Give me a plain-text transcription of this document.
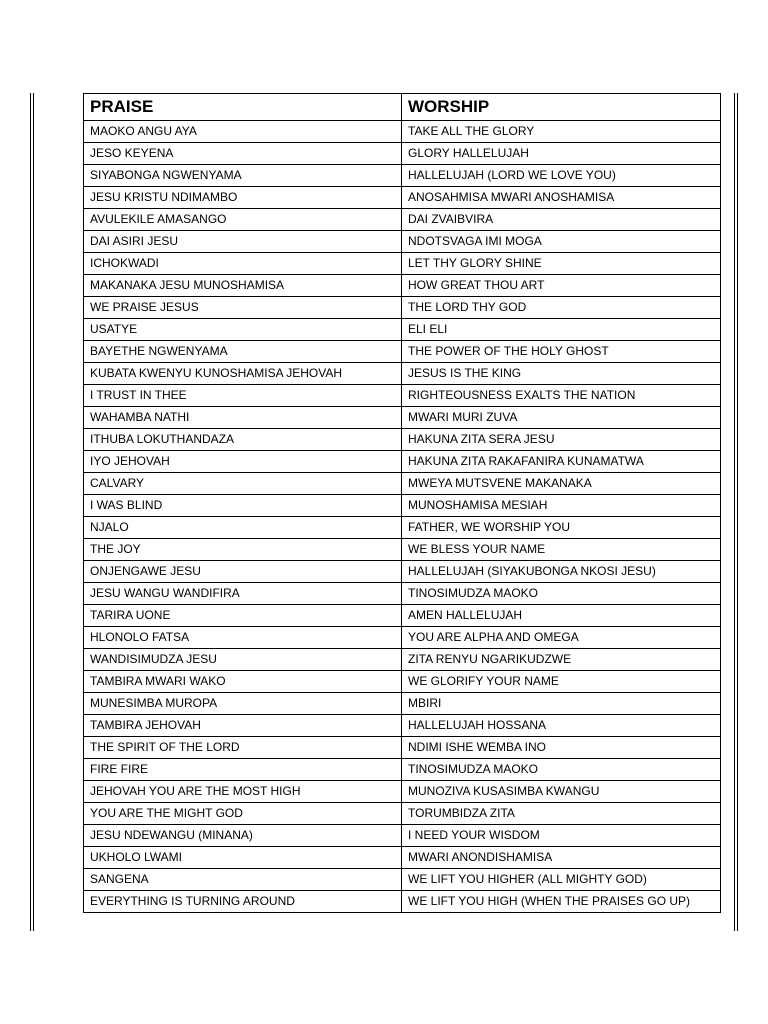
PRAISE	WORSHIP
MAOKO ANGU AYA	TAKE ALL THE GLORY
JESO KEYENA	GLORY HALLELUJAH
SIYABONGA NGWENYAMA	HALLELUJAH (LORD WE LOVE YOU)
JESU KRISTU NDIMAMBO	ANOSAHMISA MWARI ANOSHAMISA
AVULEKILE AMASANGO	DAI ZVAIBVIRA
DAI ASIRI JESU	NDOTSVAGA IMI MOGA
ICHOKWADI	LET THY GLORY SHINE
MAKANAKA JESU MUNOSHAMISA	HOW GREAT THOU ART
WE PRAISE JESUS	THE LORD THY GOD
USATYE	ELI ELI
BAYETHE NGWENYAMA	THE POWER OF THE HOLY GHOST
KUBATA KWENYU KUNOSHAMISA JEHOVAH	JESUS IS THE KING
I TRUST IN THEE	RIGHTEOUSNESS EXALTS THE NATION
WAHAMBA NATHI	MWARI MURI ZUVA
ITHUBA LOKUTHANDAZA	HAKUNA ZITA SERA JESU
IYO JEHOVAH	HAKUNA ZITA RAKAFANIRA KUNAMATWA
CALVARY	MWEYA MUTSVENE MAKANAKA
I WAS BLIND	MUNOSHAMISA MESIAH
NJALO	FATHER, WE WORSHIP YOU
THE JOY	WE BLESS YOUR NAME
ONJENGAWE JESU	HALLELUJAH (SIYAKUBONGA NKOSI JESU)
JESU WANGU WANDIFIRA	TINOSIMUDZA MAOKO
TARIRA UONE	AMEN HALLELUJAH
HLONOLO FATSA	YOU ARE ALPHA AND OMEGA
WANDISIMUDZA JESU	ZITA RENYU NGARIKUDZWE
TAMBIRA MWARI WAKO	WE GLORIFY YOUR NAME
MUNESIMBA MUROPA	MBIRI
TAMBIRA JEHOVAH	HALLELUJAH HOSSANA
THE SPIRIT OF THE LORD	NDIMI ISHE WEMBA INO
FIRE FIRE	TINOSIMUDZA MAOKO
JEHOVAH YOU ARE THE MOST HIGH	MUNOZIVA KUSASIMBA KWANGU
YOU ARE THE MIGHT GOD	TORUMBIDZA ZITA
JESU NDEWANGU (MINANA)	I NEED YOUR WISDOM
UKHOLO LWAMI	MWARI ANONDISHAMISA
SANGENA	WE LIFT YOU HIGHER (ALL MIGHTY GOD)
EVERYTHING IS TURNING AROUND	WE LIFT YOU HIGH (WHEN THE PRAISES GO UP)
